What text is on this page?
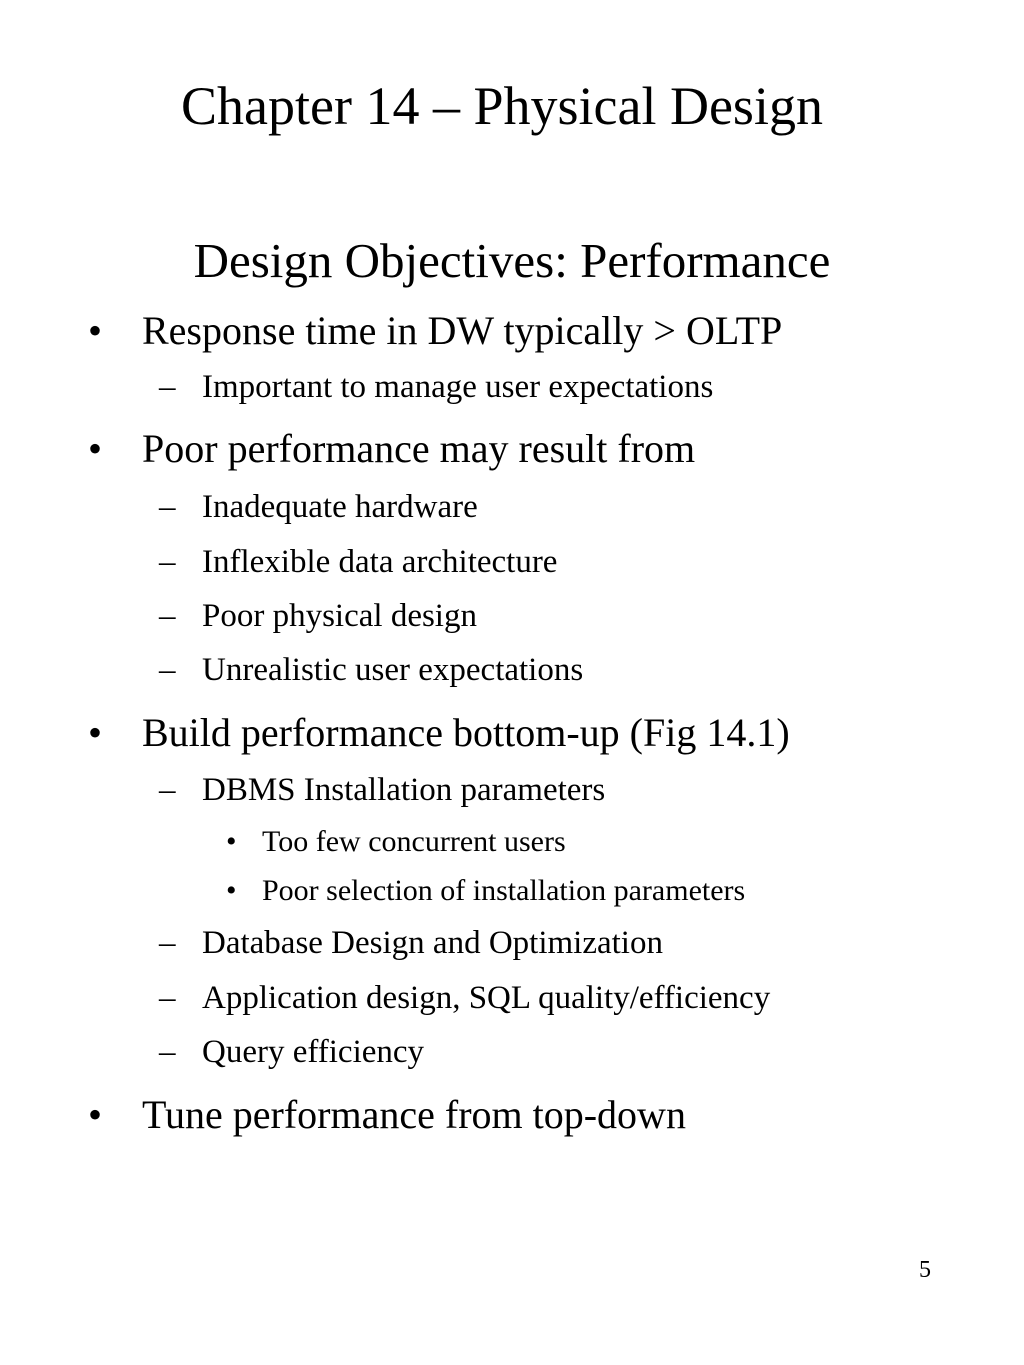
Chapter 14 – Physical Design
Design Objectives: Performance
• Response time in DW typically > OLTP
– Important to manage user expectations
• Poor performance may result from
– Inadequate hardware
– Inflexible data architecture
– Poor physical design
– Unrealistic user expectations
• Build performance bottom-up (Fig 14.1)
– DBMS Installation parameters
• Too few concurrent users
• Poor selection of installation parameters
– Database Design and Optimization
– Application design, SQL quality/efficiency
– Query efficiency
• Tune performance from top-down
5
